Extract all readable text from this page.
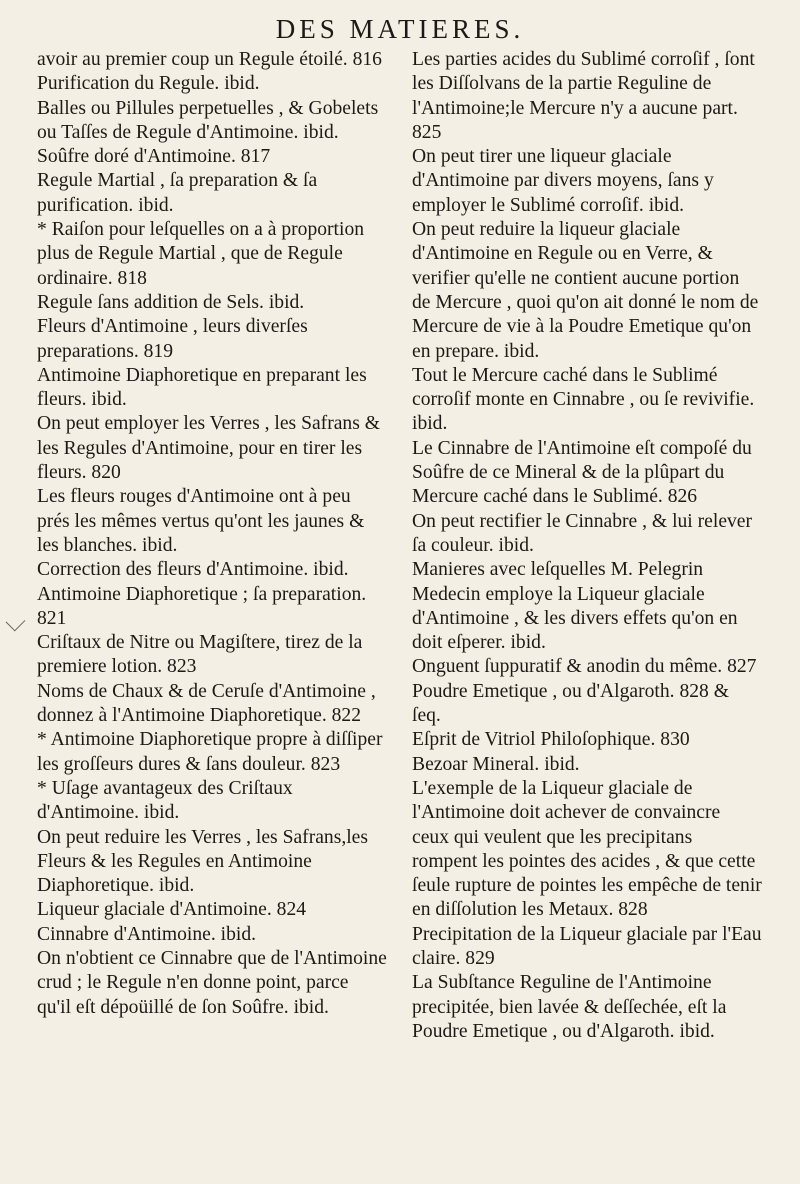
DES MATIERES.
avoir au premier coup un Regule étoilé. 816
Purification du Regule. ibid.
Balles ou Pillules perpetuelles , & Gobelets ou Taſſes de Regule d'Antimoine. ibid.
Soûfre doré d'Antimoine. 817
Regule Martial , ſa preparation & ſa purification. ibid.
* Raiſon pour leſquelles on a à proportion plus de Regule Martial , que de Regule ordinaire. 818
Regule ſans addition de Sels. ibid.
Fleurs d'Antimoine , leurs diverſes preparations. 819
Antimoine Diaphoretique en preparant les fleurs. ibid.
On peut employer les Verres , les Safrans & les Regules d'Antimoine, pour en tirer les fleurs. 820
Les fleurs rouges d'Antimoine ont à peu prés les mêmes vertus qu'ont les jaunes & les blanches. ibid.
Correction des fleurs d'Antimoine. ibid.
Antimoine Diaphoretique ; ſa preparation. 821
Criſtaux de Nitre ou Magiſtere, tirez de la premiere lotion. 823
Noms de Chaux & de Ceruſe d'Antimoine , donnez à l'Antimoine Diaphoretique. 822
* Antimoine Diaphoretique propre à diſſiper les groſſeurs dures & ſans douleur. 823
* Uſage avantageux des Criſtaux d'Antimoine. ibid.
On peut reduire les Verres , les Safrans,les Fleurs & les Regules en Antimoine Diaphoretique. ibid.
Liqueur glaciale d'Antimoine. 824
Cinnabre d'Antimoine. ibid.
On n'obtient ce Cinnabre que de l'Antimoine crud ; le Regule n'en donne point, parce qu'il eſt dépoüillé de ſon Soûfre. ibid.
Les parties acides du Sublimé corroſif , ſont les Diſſolvans de la partie Reguline de l'Antimoine;le Mercure n'y a aucune part. 825
On peut tirer une liqueur glaciale d'Antimoine par divers moyens, ſans y employer le Sublimé corroſif. ibid.
On peut reduire la liqueur glaciale d'Antimoine en Regule ou en Verre, & verifier qu'elle ne contient aucune portion de Mercure , quoi qu'on ait donné le nom de Mercure de vie à la Poudre Emetique qu'on en prepare. ibid.
Tout le Mercure caché dans le Sublimé corroſif monte en Cinnabre , ou ſe revivifie. ibid.
Le Cinnabre de l'Antimoine eſt compoſé du Soûfre de ce Mineral & de la plûpart du Mercure caché dans le Sublimé. 826
On peut rectifier le Cinnabre , & lui relever ſa couleur. ibid.
Manieres avec leſquelles M. Pelegrin Medecin employe la Liqueur glaciale d'Antimoine , & les divers effets qu'on en doit eſperer. ibid.
Onguent ſuppuratif & anodin du même. 827
Poudre Emetique , ou d'Algaroth. 828 & ſeq.
Eſprit de Vitriol Philoſophique. 830
Bezoar Mineral. ibid.
L'exemple de la Liqueur glaciale de l'Antimoine doit achever de convaincre ceux qui veulent que les precipitans rompent les pointes des acides , & que cette ſeule rupture de pointes les empêche de tenir en diſſolution les Metaux. 828
Precipitation de la Liqueur glaciale par l'Eau claire. 829
La Subſtance Reguline de l'Antimoine precipitée, bien lavée & deſſechée, eſt la Poudre Emetique , ou d'Algaroth. ibid.
